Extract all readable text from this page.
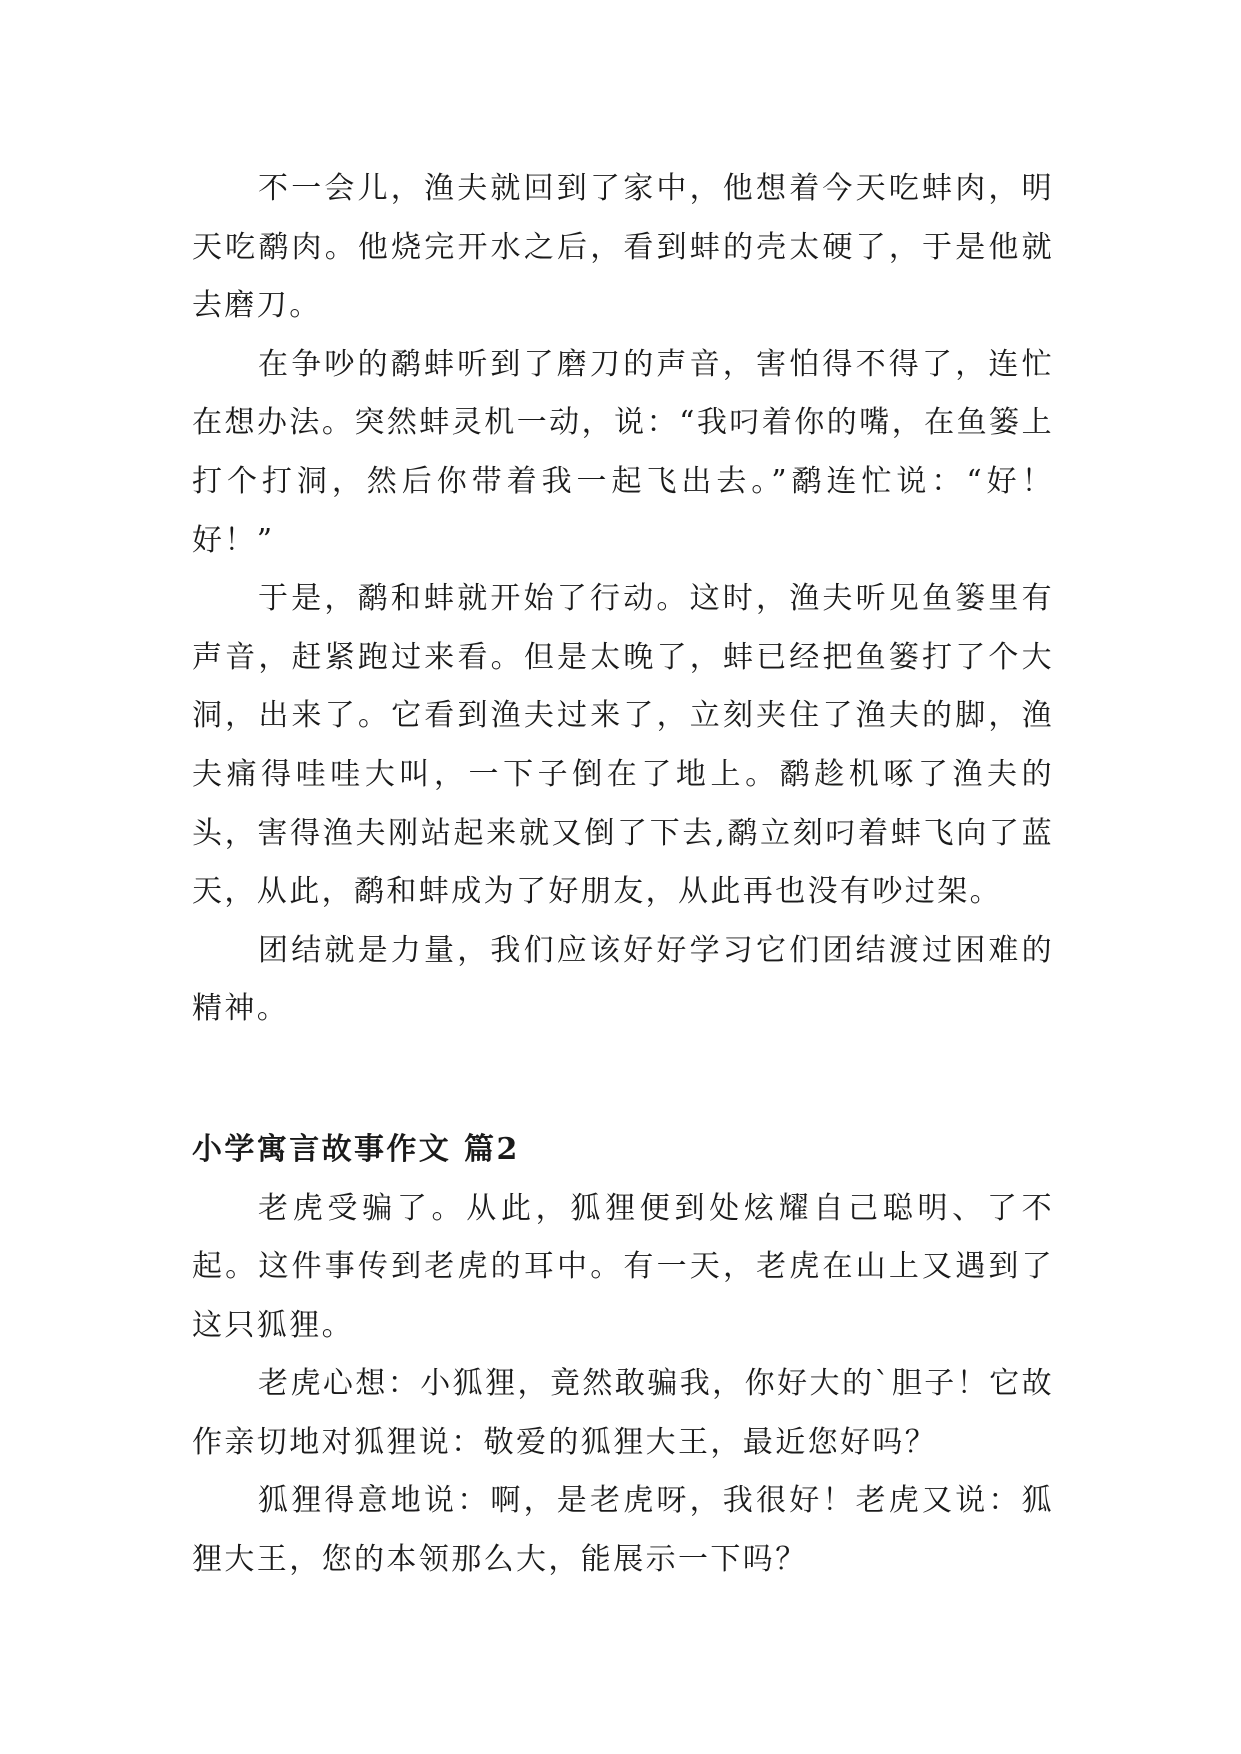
不一会儿，渔夫就回到了家中，他想着今天吃蚌肉，明天吃鹬肉。他烧完开水之后，看到蚌的壳太硬了，于是他就去磨刀。

在争吵的鹬蚌听到了磨刀的声音，害怕得不得了，连忙在想办法。突然蚌灵机一动，说：“我叼着你的嘴，在鱼篓上打个打洞，然后你带着我一起飞出去。”鹬连忙说：“好！好！”

于是，鹬和蚌就开始了行动。这时，渔夫听见鱼篓里有声音，赶紧跑过来看。但是太晚了，蚌已经把鱼篓打了个大洞，出来了。它看到渔夫过来了，立刻夹住了渔夫的脚，渔夫痛得哇哇大叫，一下子倒在了地上。鹬趁机啄了渔夫的头，害得渔夫刚站起来就又倒了下去,鹬立刻叼着蚌飞向了蓝天，从此，鹬和蚌成为了好朋友，从此再也没有吵过架。

团结就是力量，我们应该好好学习它们团结渡过困难的精神。

小学寓言故事作文 篇2

老虎受骗了。从此，狐狸便到处炫耀自己聪明、了不起。这件事传到老虎的耳中。有一天，老虎在山上又遇到了这只狐狸。

老虎心想：小狐狸，竟然敢骗我，你好大的`胆子！它故作亲切地对狐狸说：敬爱的狐狸大王，最近您好吗？

狐狸得意地说：啊，是老虎呀，我很好！老虎又说：狐狸大王，您的本领那么大，能展示一下吗？
